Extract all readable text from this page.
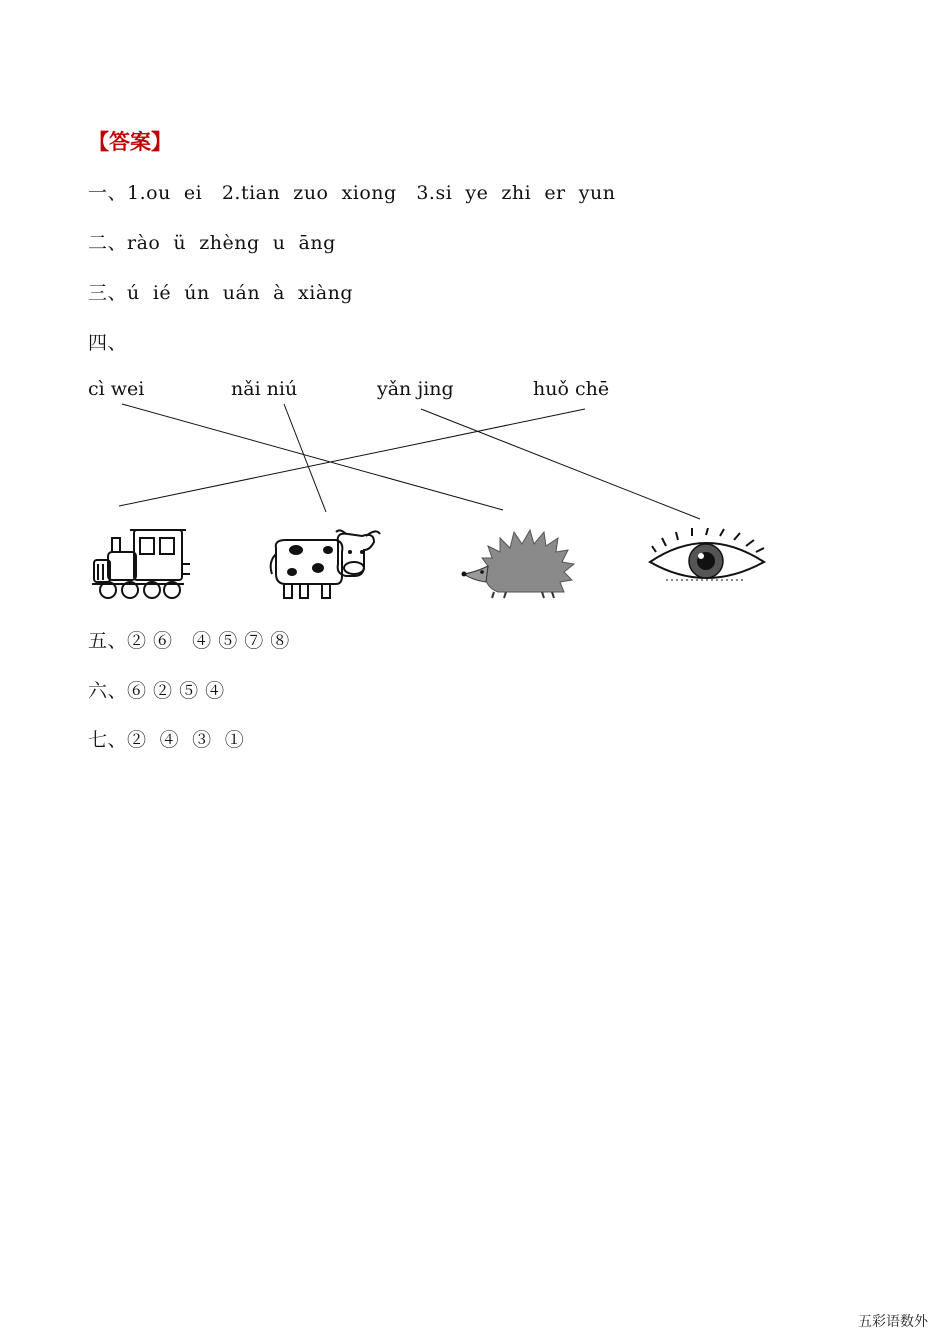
【答案】
一、1.ou  ei   2.tian  zuo  xiong   3.si  ye  zhi  er  yun
二、rào  ü  zhèng  u  āng
三、ú  ié  ún  uán  à  xiàng
四、
cì wei	nǎi niú	yǎn jing	huǒ chē
五、② ⑥   ④ ⑤ ⑦ ⑧
六、⑥ ② ⑤ ④
七、②  ④  ③  ①
五彩语数外
